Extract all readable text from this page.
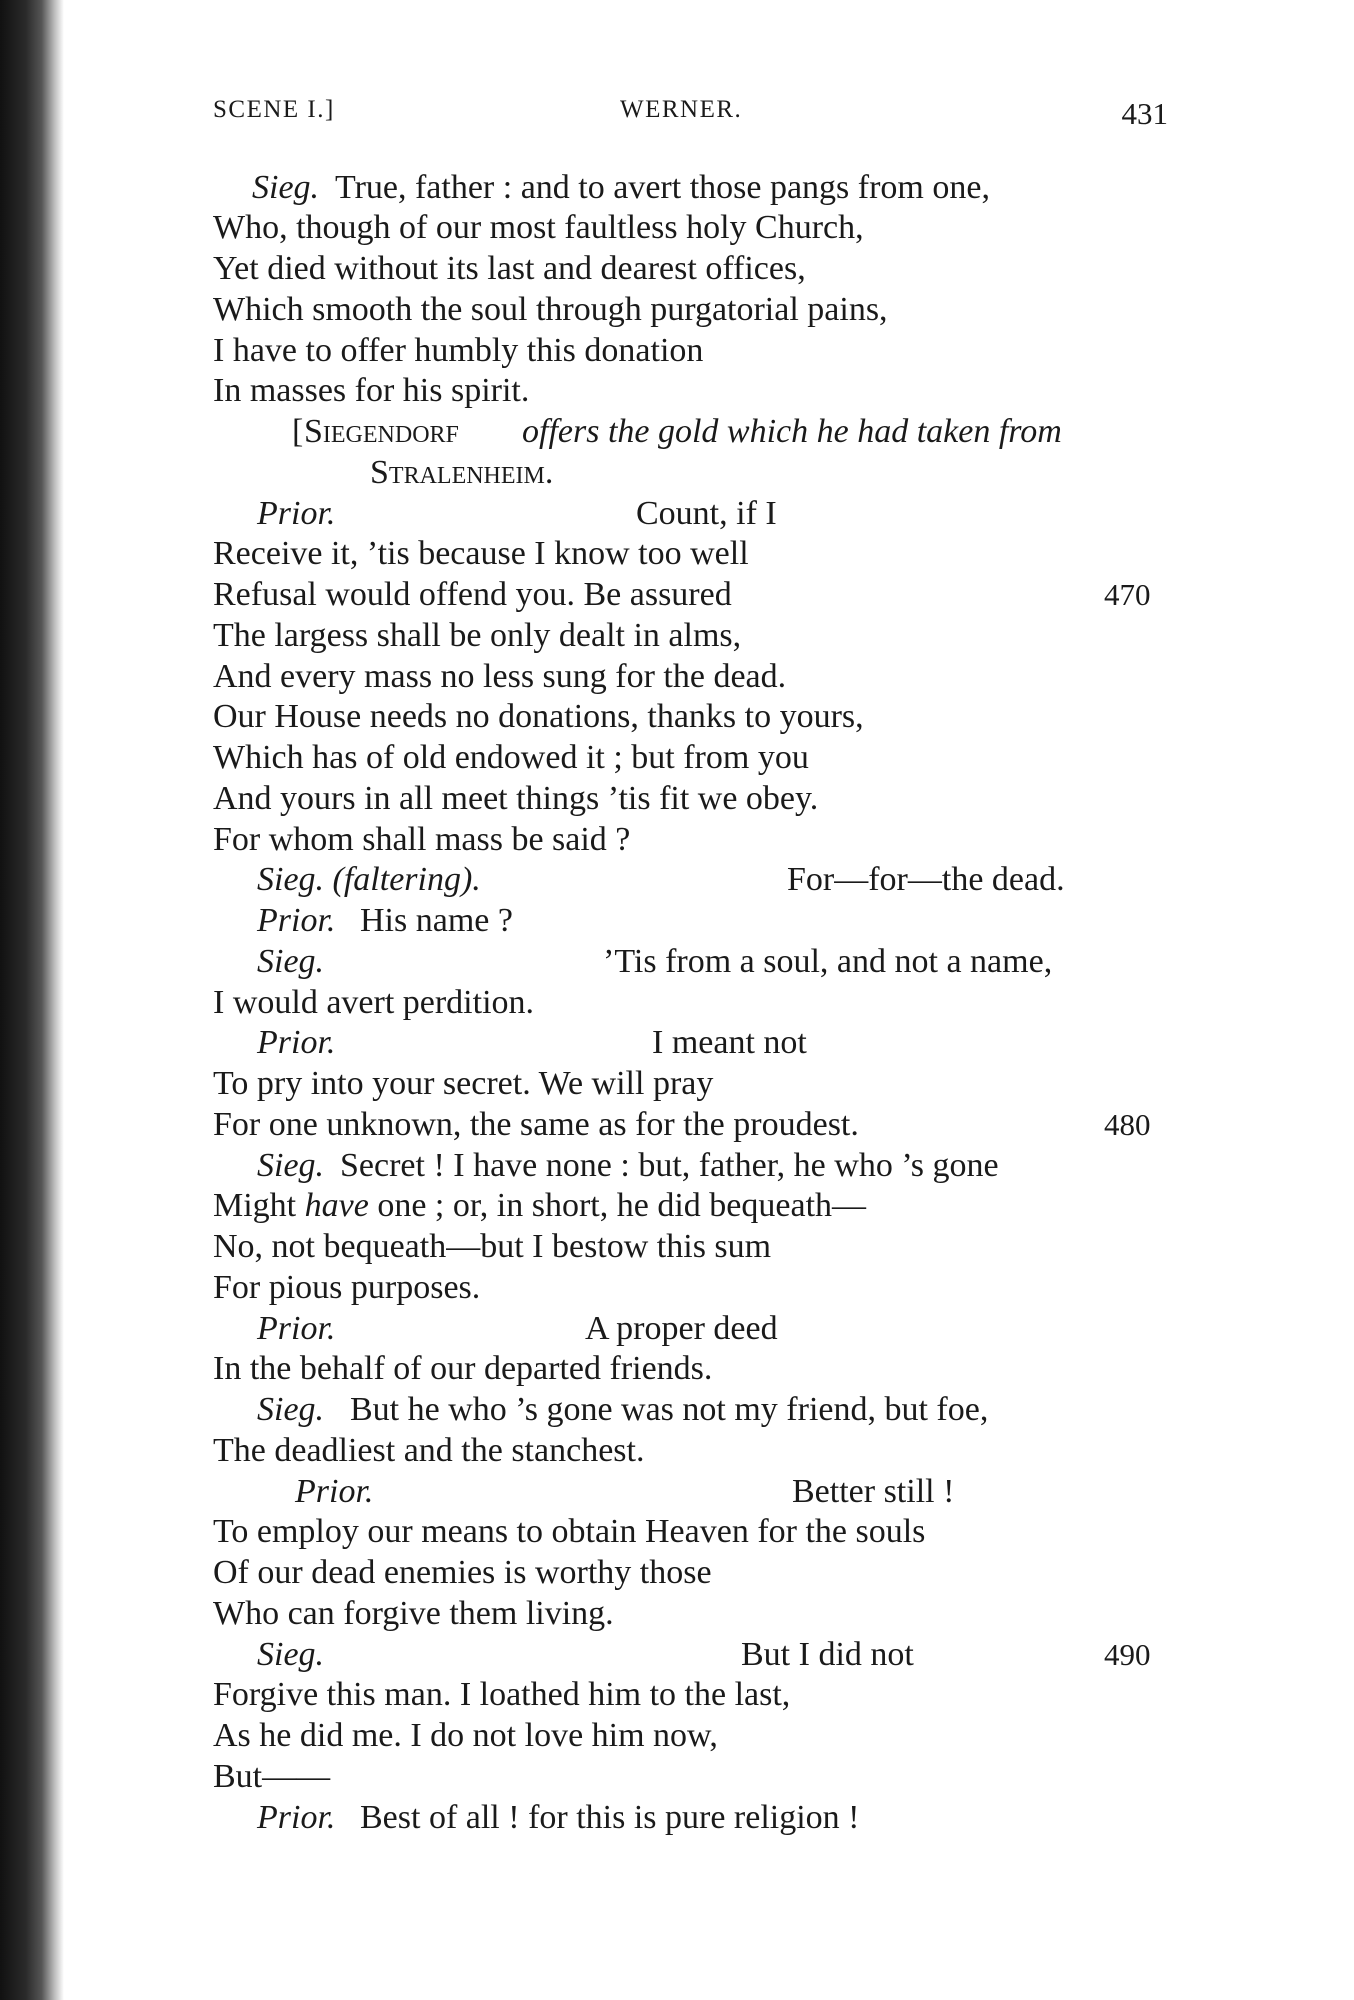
SCENE I.]	WERNER.	431
Sieg. True, father : and to avert those pangs from one,
Who, though of our most faultless holy Church,
Yet died without its last and dearest offices,
Which smooth the soul through purgatorial pains,
I have to offer humbly this donation
In masses for his spirit.
[ Siegendorf offers the gold which he had taken from
Stralenheim.
Prior.	Count, if I
Receive it, ’tis because I know too well
Refusal would offend you. Be assured	470
The largess shall be only dealt in alms,
And every mass no less sung for the dead.
Our House needs no donations, thanks to yours,
Which has of old endowed it ; but from you
And yours in all meet things ’tis fit we obey.
For whom shall mass be said ?
Sieg. (faltering).	For—for—the dead.
Prior. His name ?
Sieg.	’Tis from a soul, and not a name,
I would avert perdition.
Prior.	I meant not
To pry into your secret. We will pray
For one unknown, the same as for the proudest.	480
Sieg. Secret ! I have none : but, father, he who ’s gone
Might have one ; or, in short, he did bequeath—
No, not bequeath—but I bestow this sum
For pious purposes.
Prior.	A proper deed
In the behalf of our departed friends.
Sieg. But he who ’s gone was not my friend, but foe,
The deadliest and the stanchest.
Prior.	Better still !
To employ our means to obtain Heaven for the souls
Of our dead enemies is worthy those
Who can forgive them living.
Sieg.	But I did not	490
Forgive this man. I loathed him to the last,
As he did me. I do not love him now,
But——
Prior. Best of all ! for this is pure religion !
